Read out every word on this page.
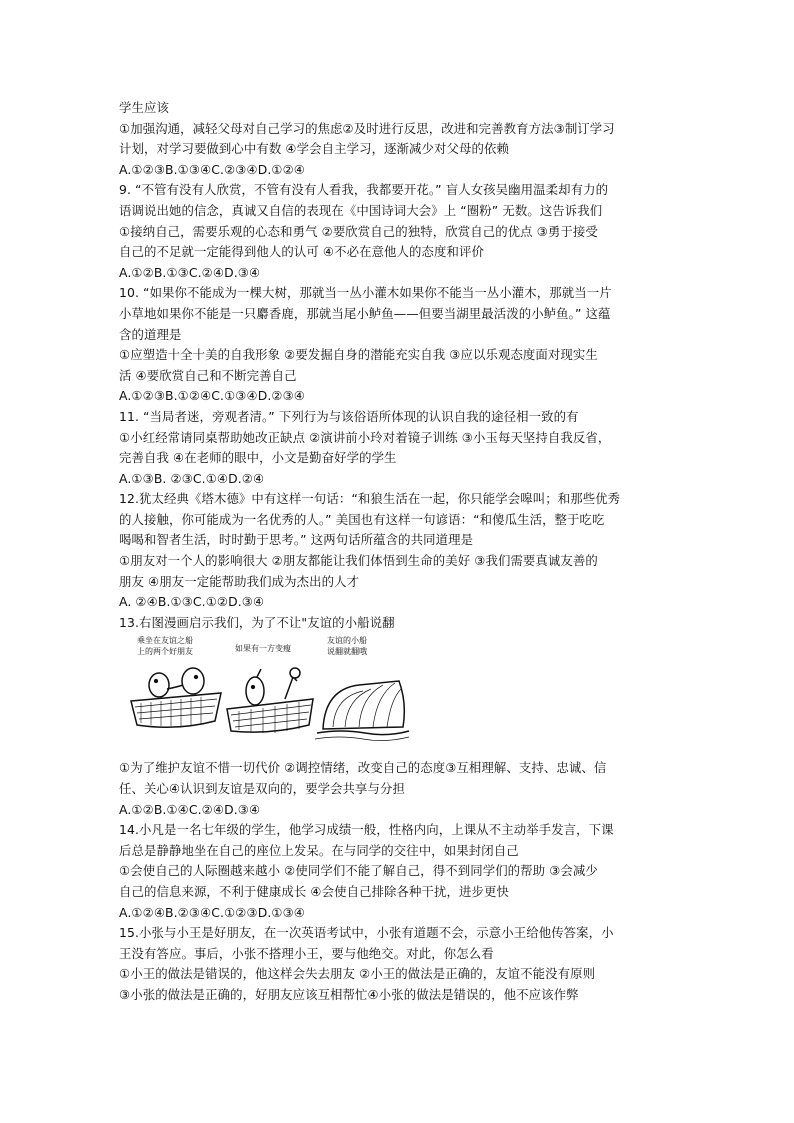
学生应该
①加强沟通，减轻父母对自己学习的焦虑②及时进行反思，改进和完善教育方法③制订学习
计划，对学习要做到心中有数 ④学会自主学习，逐渐减少对父母的依赖
A.①②③B.①③④C.②③④D.①②④
9. “不管有没有人欣赏，不管有没有人看我，我都要开花。” 盲人女孩吴幽用温柔却有力的
语调说出她的信念，真诚又自信的表现在《中国诗词大会》上 “圈粉” 无数。这告诉我们
①接纳自己，需要乐观的心态和勇气 ②要欣赏自己的独特，欣赏自己的优点 ③勇于接受
自己的不足就一定能得到他人的认可 ④不必在意他人的态度和评价
A.①②B.①③C.②④D.③④
10. “如果你不能成为一棵大树，那就当一丛小灌木如果你不能当一丛小灌木，那就当一片
小草地如果你不能是一只麝香鹿，那就当尾小鲈鱼——但要当湖里最活泼的小鲈鱼。” 这蕴
含的道理是
①应塑造十全十美的自我形象 ②要发掘自身的潜能充实自我 ③应以乐观态度面对现实生
活 ④要欣赏自己和不断完善自己
A.①②③B.①②④C.①③④D.②③④
11. “当局者迷，旁观者清。” 下列行为与该俗语所体现的认识自我的途径相一致的有
①小红经常请同桌帮助她改正缺点 ②演讲前小玲对着镜子训练 ③小玉每天坚持自我反省，
完善自我 ④在老师的眼中，小文是勤奋好学的学生
A.①③B. ②③C.①④D.②④
12.犹太经典《塔木德》中有这样一句话：“和狼生活在一起，你只能学会嗥叫；和那些优秀
的人接触，你可能成为一名优秀的人。” 美国也有这样一句谚语：“和傻瓜生活，整于吃吃
喝喝和智者生活，时时勤于思考。” 这两句话所蕴含的共同道理是
①朋友对一个人的影响很大 ②朋友都能让我们体悟到生命的美好 ③我们需要真诚友善的
朋友 ④朋友一定能帮助我们成为杰出的人才
A. ②④B.①③C.①②D.③④
13.右图漫画启示我们，为了不让"友谊的小船说翻
乘坐在友谊之船
上的两个好朋友	如果有一方变瘦
友谊的小船
说翻就翻哦
①为了维护友谊不惜一切代价 ②调控情绪，改变自己的态度③互相理解、支持、忠诚、信
任、关心④认识到友谊是双向的，要学会共享与分担
A.①②B.①④C.②④D.③④
14.小凡是一名七年级的学生，他学习成绩一般，性格内向，上课从不主动举手发言，下课
后总是静静地坐在自己的座位上发呆。在与同学的交往中，如果封闭自己
①会使自己的人际圈越来越小 ②使同学们不能了解自己，得不到同学们的帮助 ③会减少
自己的信息来源，不利于健康成长 ④会使自己排除各种干扰，进步更快
A.①②④B.②③④C.①②③D.①③④
15.小张与小王是好朋友，在一次英语考试中，小张有道题不会，示意小王给他传答案，小
王没有答应。事后，小张不搭理小王，要与他绝交。对此，你怎么看
①小王的做法是错误的，他这样会失去朋友 ②小王的做法是正确的，友谊不能没有原则
③小张的做法是正确的，好朋友应该互相帮忙④小张的做法是错误的，他不应该作弊
